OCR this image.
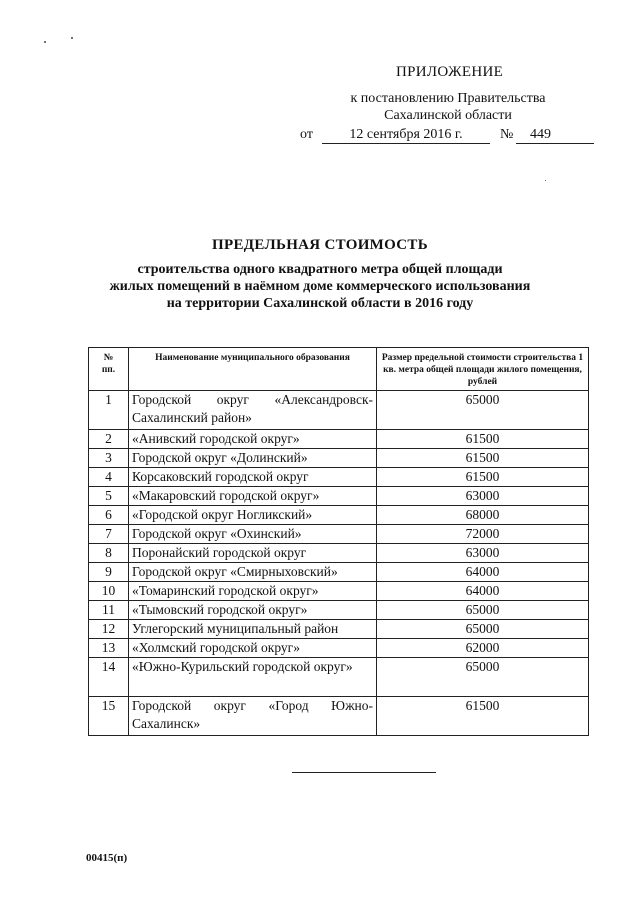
ПРИЛОЖЕНИЕ
к постановлению Правительства
Сахалинской области
от	12 сентября 2016 г.	№	449
ПРЕДЕЛЬНАЯ СТОИМОСТЬ
строительства одного квадратного метра общей площади
жилых помещений в наёмном доме коммерческого использования
на территории Сахалинской области в 2016 году
№
пп.	Наименование муниципального образования	Размер предельной стоимости строительства 1 кв. метра общей площади жилого помещения, рублей
1	Городской округ «Александровск-Сахалинский район»	65000
2	«Анивский городской округ»	61500
3	Городской округ «Долинский»	61500
4	Корсаковский городской округ	61500
5	«Макаровский городской округ»	63000
6	«Городской округ Ногликский»	68000
7	Городской округ «Охинский»	72000
8	Поронайский городской округ	63000
9	Городской округ «Смирныховский»	64000
10	«Томаринский городской округ»	64000
11	«Тымовский городской округ»	65000
12	Углегорский муниципальный район	65000
13	«Холмский городской округ»	62000
14	«Южно-Курильский городской округ»	65000
15	Городской округ «Город Южно-Сахалинск»	61500
00415(п)
